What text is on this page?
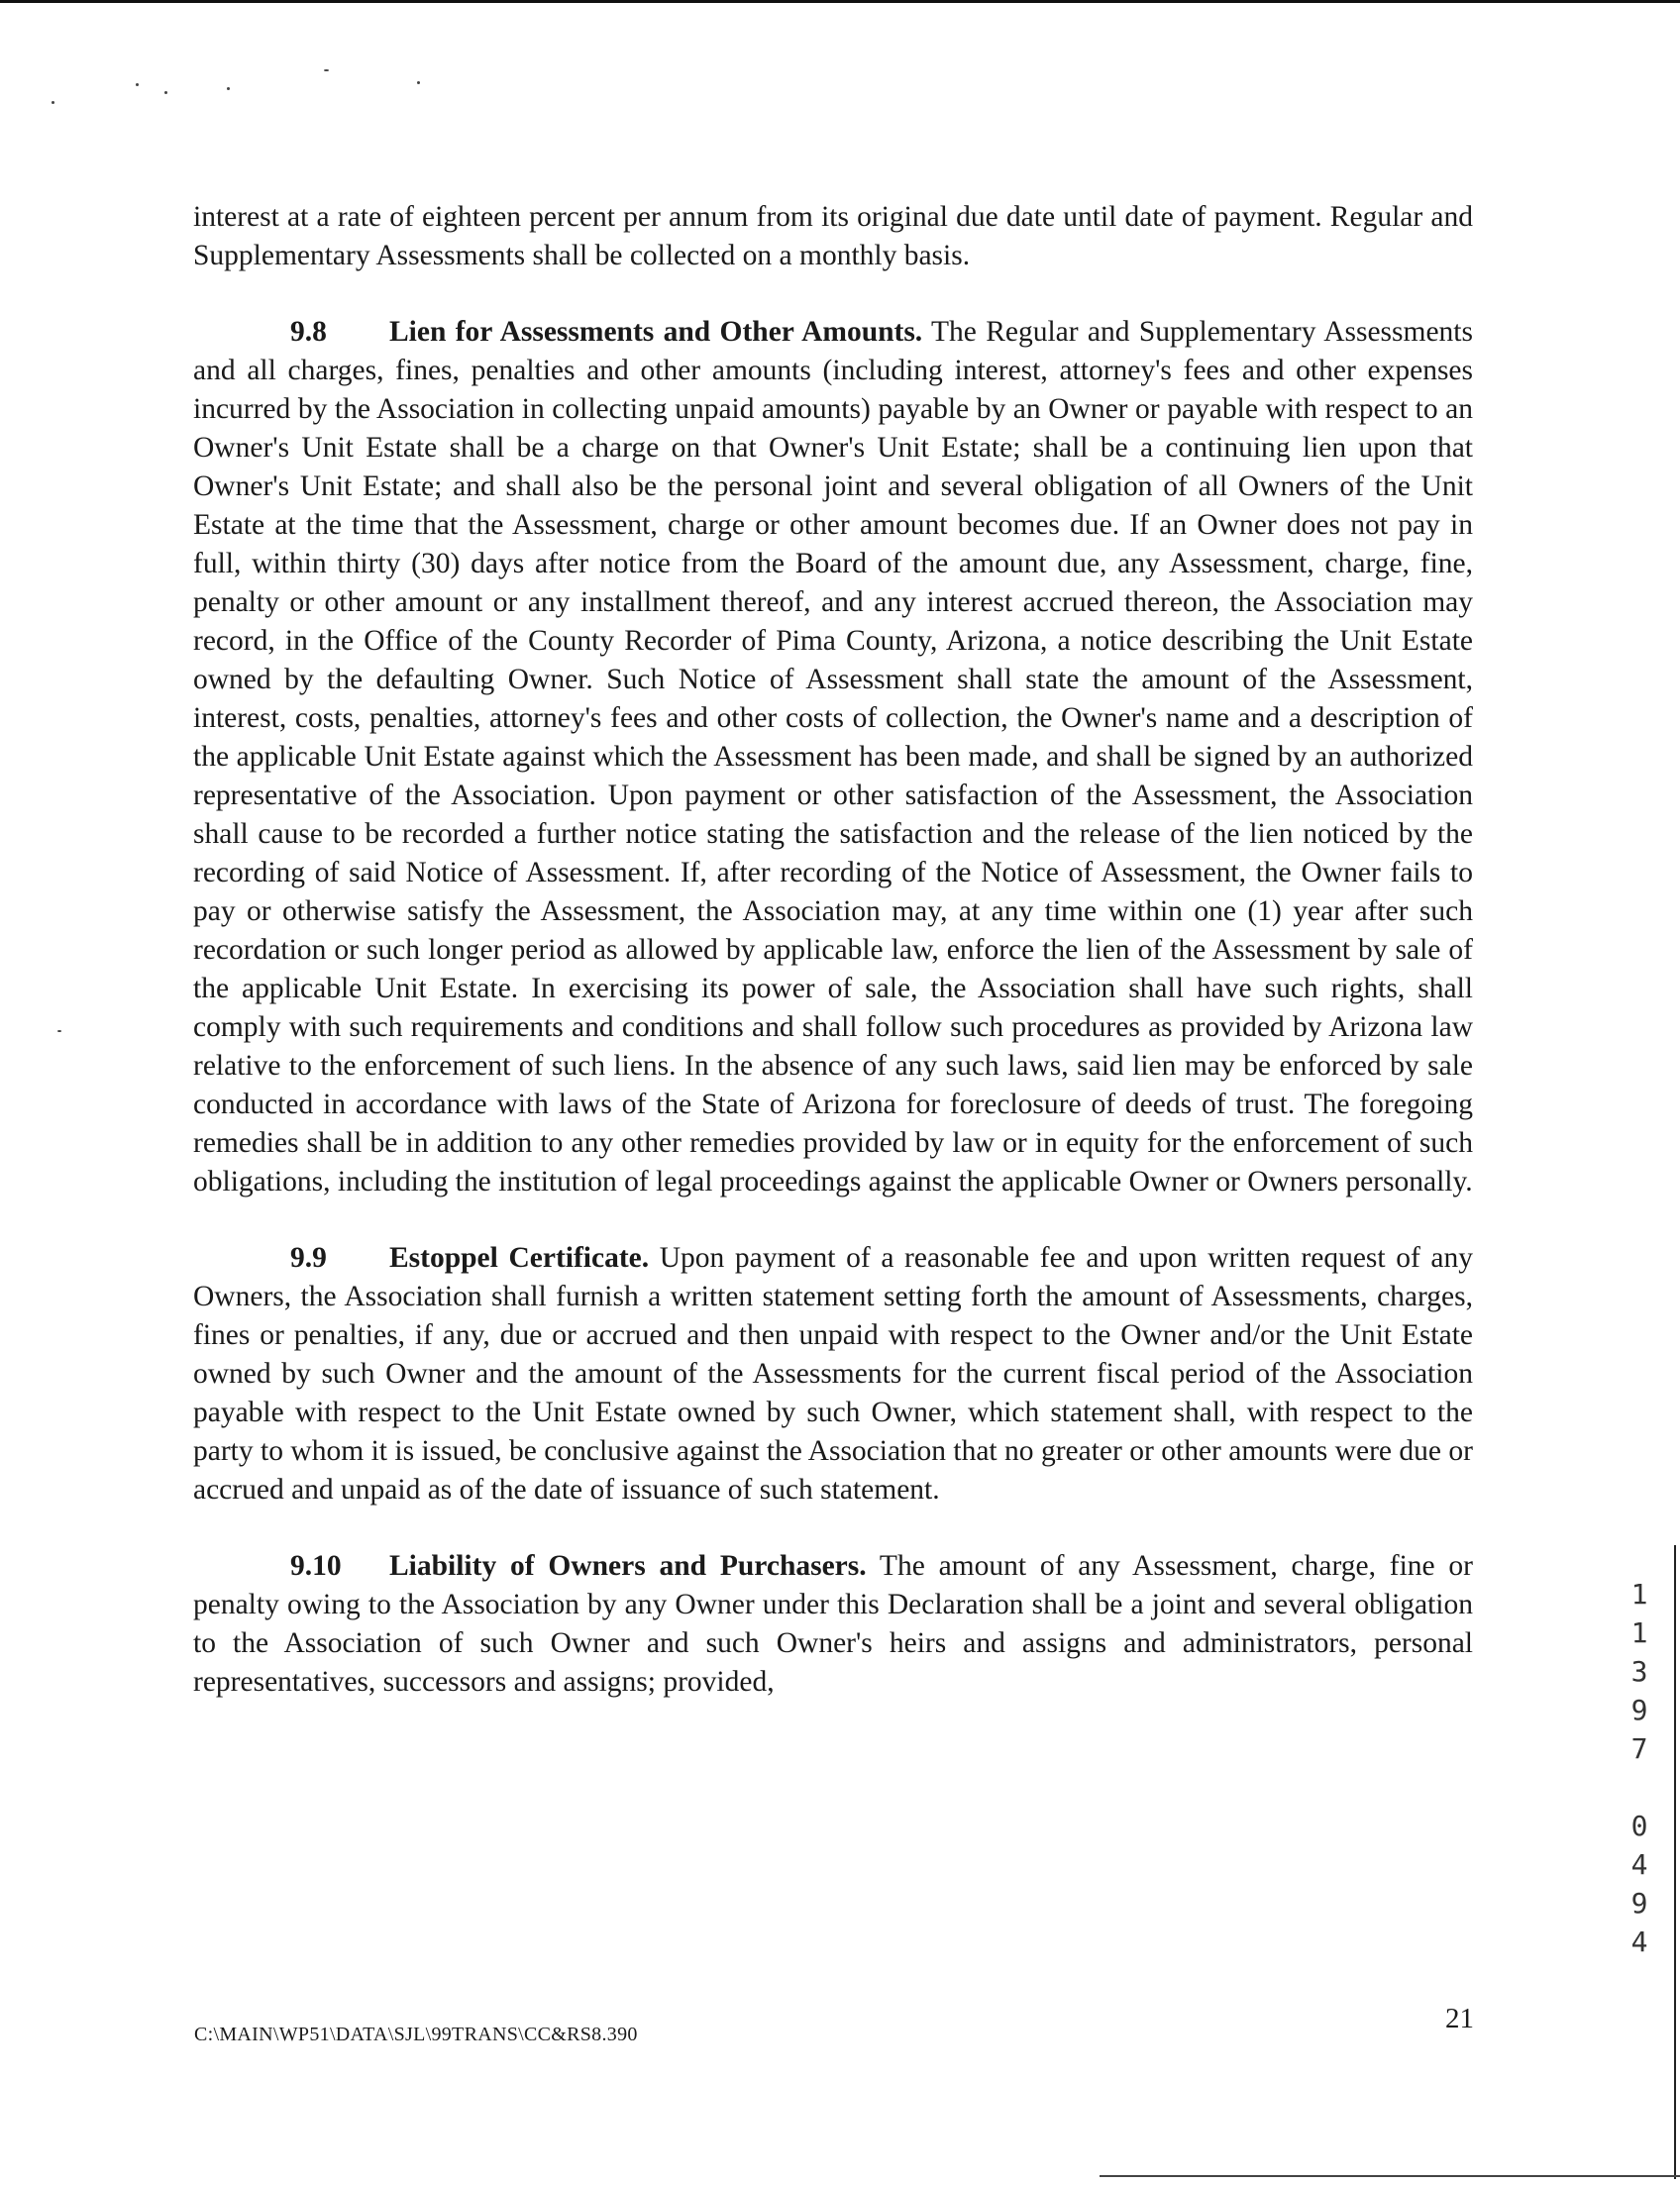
interest at a rate of eighteen percent per annum from its original due date until date of payment. Regular and Supplementary Assessments shall be collected on a monthly basis.

9.8 Lien for Assessments and Other Amounts. The Regular and Supplementary Assessments and all charges, fines, penalties and other amounts (including interest, attorney's fees and other expenses incurred by the Association in collecting unpaid amounts) payable by an Owner or payable with respect to an Owner's Unit Estate shall be a charge on that Owner's Unit Estate; shall be a continuing lien upon that Owner's Unit Estate; and shall also be the personal joint and several obligation of all Owners of the Unit Estate at the time that the Assessment, charge or other amount becomes due. If an Owner does not pay in full, within thirty (30) days after notice from the Board of the amount due, any Assessment, charge, fine, penalty or other amount or any installment thereof, and any interest accrued thereon, the Association may record, in the Office of the County Recorder of Pima County, Arizona, a notice describing the Unit Estate owned by the defaulting Owner. Such Notice of Assessment shall state the amount of the Assessment, interest, costs, penalties, attorney's fees and other costs of collection, the Owner's name and a description of the applicable Unit Estate against which the Assessment has been made, and shall be signed by an authorized representative of the Association. Upon payment or other satisfaction of the Assessment, the Association shall cause to be recorded a further notice stating the satisfaction and the release of the lien noticed by the recording of said Notice of Assessment. If, after recording of the Notice of Assessment, the Owner fails to pay or otherwise satisfy the Assessment, the Association may, at any time within one (1) year after such recordation or such longer period as allowed by applicable law, enforce the lien of the Assessment by sale of the applicable Unit Estate. In exercising its power of sale, the Association shall have such rights, shall comply with such requirements and conditions and shall follow such procedures as provided by Arizona law relative to the enforcement of such liens. In the absence of any such laws, said lien may be enforced by sale conducted in accordance with laws of the State of Arizona for foreclosure of deeds of trust. The foregoing remedies shall be in addition to any other remedies provided by law or in equity for the enforcement of such obligations, including the institution of legal proceedings against the applicable Owner or Owners personally.

9.9 Estoppel Certificate. Upon payment of a reasonable fee and upon written request of any Owners, the Association shall furnish a written statement setting forth the amount of Assessments, charges, fines or penalties, if any, due or accrued and then unpaid with respect to the Owner and/or the Unit Estate owned by such Owner and the amount of the Assessments for the current fiscal period of the Association payable with respect to the Unit Estate owned by such Owner, which statement shall, with respect to the party to whom it is issued, be conclusive against the Association that no greater or other amounts were due or accrued and unpaid as of the date of issuance of such statement.

9.10 Liability of Owners and Purchasers. The amount of any Assessment, charge, fine or penalty owing to the Association by any Owner under this Declaration shall be a joint and several obligation to the Association of such Owner and such Owner's heirs and assigns and administrators, personal representatives, successors and assigns; provided,

1
1
3
9
7
0
4
9
4
C:\MAIN\WP51\DATA\SJL\99TRANS\CC&RS8.390	21
